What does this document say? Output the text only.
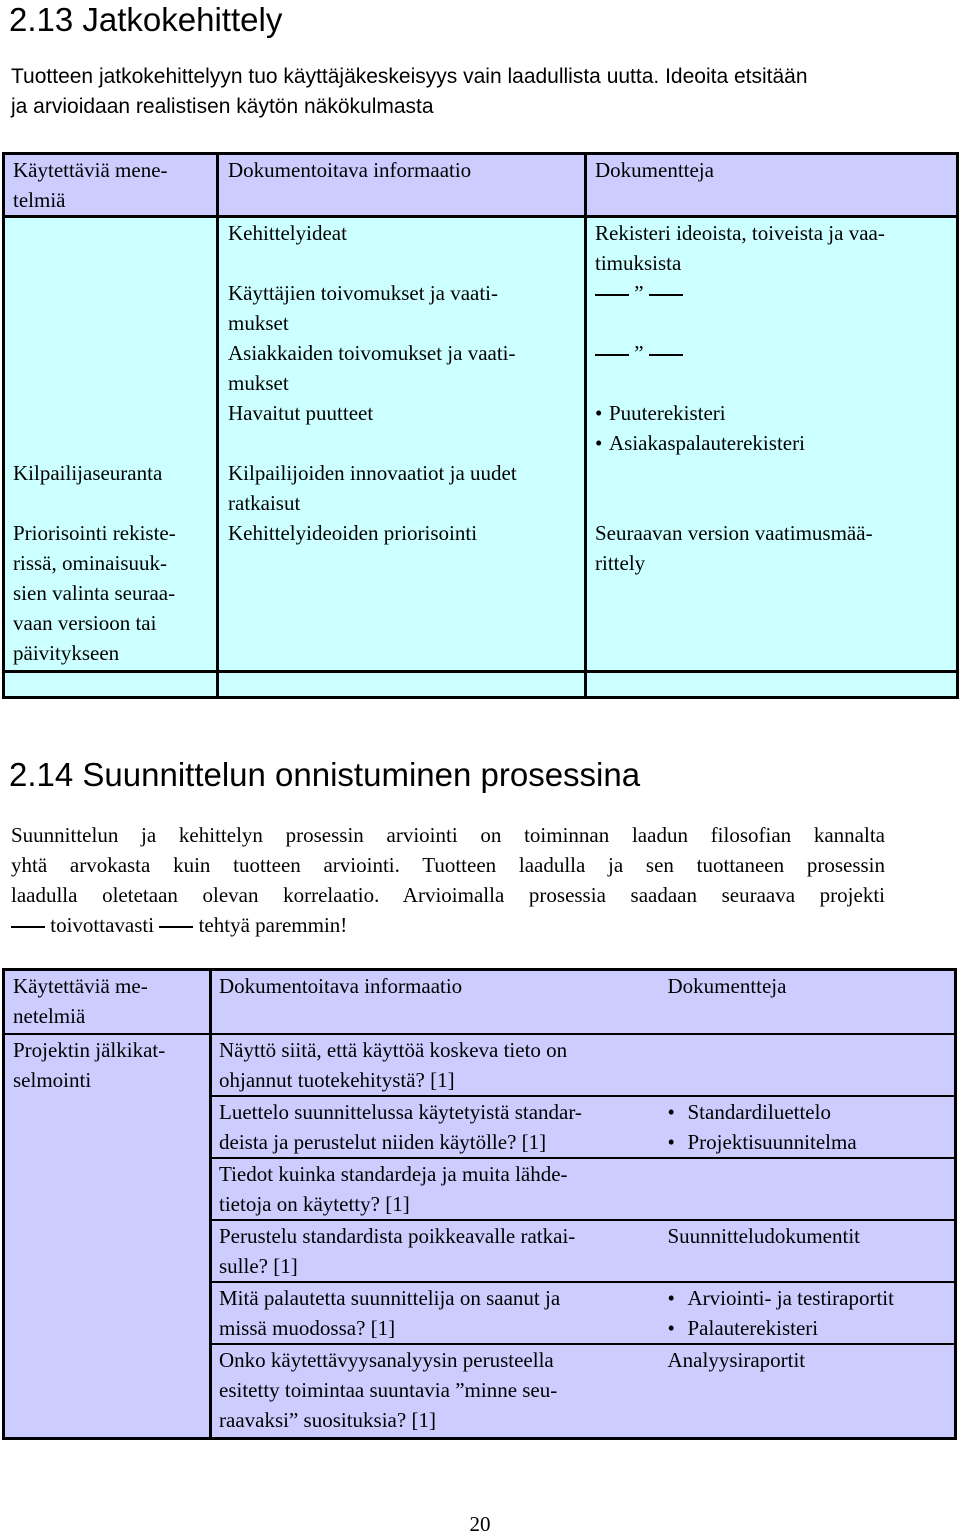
2.13 Jatkokehittely
Tuotteen jatkokehittelyyn tuo käyttäjäkeskeisyys vain laadullista uutta. Ideoita etsitään
ja arvioidaan realistisen käytön näkökulmasta
Käytettäviä mene-
telmiä	Dokumentoitava informaatio	Dokumentteja

	Kehittelyideat	Rekisteri ideoista, toiveista ja vaa-
timuksista

	Käyttäjien toivomukset ja vaati-
mukset	”

	Asiakkaiden toivomukset ja vaati-
mukset	”

	Havaitut puutteet	• Puuterekisteri
• Asiakaspalauterekisteri

Kilpailijaseuranta	Kilpailijoiden innovaatiot ja uudet
ratkaisut	

Priorisointi rekiste-
rissä, ominaisuuk-
sien valinta seuraa-
vaan versioon tai
päivitykseen	Kehittelyideoiden priorisointi	Seuraavan version vaatimusmää-
rittely

2.14 Suunnittelun onnistuminen prosessina
Suunnittelun ja kehittelyn prosessin arviointi on toiminnan laadun filosofian kannalta
yhtä arvokasta kuin tuotteen arviointi. Tuotteen laadulla ja sen tuottaneen prosessin
laadulla oletetaan olevan korrelaatio. Arvioimalla prosessia saadaan seuraava projekti
toivottavasti tehtyä paremmin!
Käytettäviä me-
netelmiä	Dokumentoitava informaatio	Dokumentteja

Projektin jälkikat-
selmointi	Näyttö siitä, että käyttöä koskeva tieto on
ohjannut tuotekehitystä? [1]	

	Luettelo suunnittelussa käytetyistä standar-
deista ja perustelut niiden käytölle? [1]	• Standardiluettelo
• Projektisuunnitelma

	Tiedot kuinka standardeja ja muita lähde-
tietoja on käytetty? [1]	

	Perustelu standardista poikkeavalle ratkai-
sulle? [1]	Suunnitteludokumentit

	Mitä palautetta suunnittelija on saanut ja
missä muodossa? [1]	• Arviointi- ja testiraportit
• Palauterekisteri

	Onko käytettävyysanalyysin perusteella
esitetty toimintaa suuntavia ”minne seu-
raavaksi” suosituksia? [1]	Analyysiraportit
20
